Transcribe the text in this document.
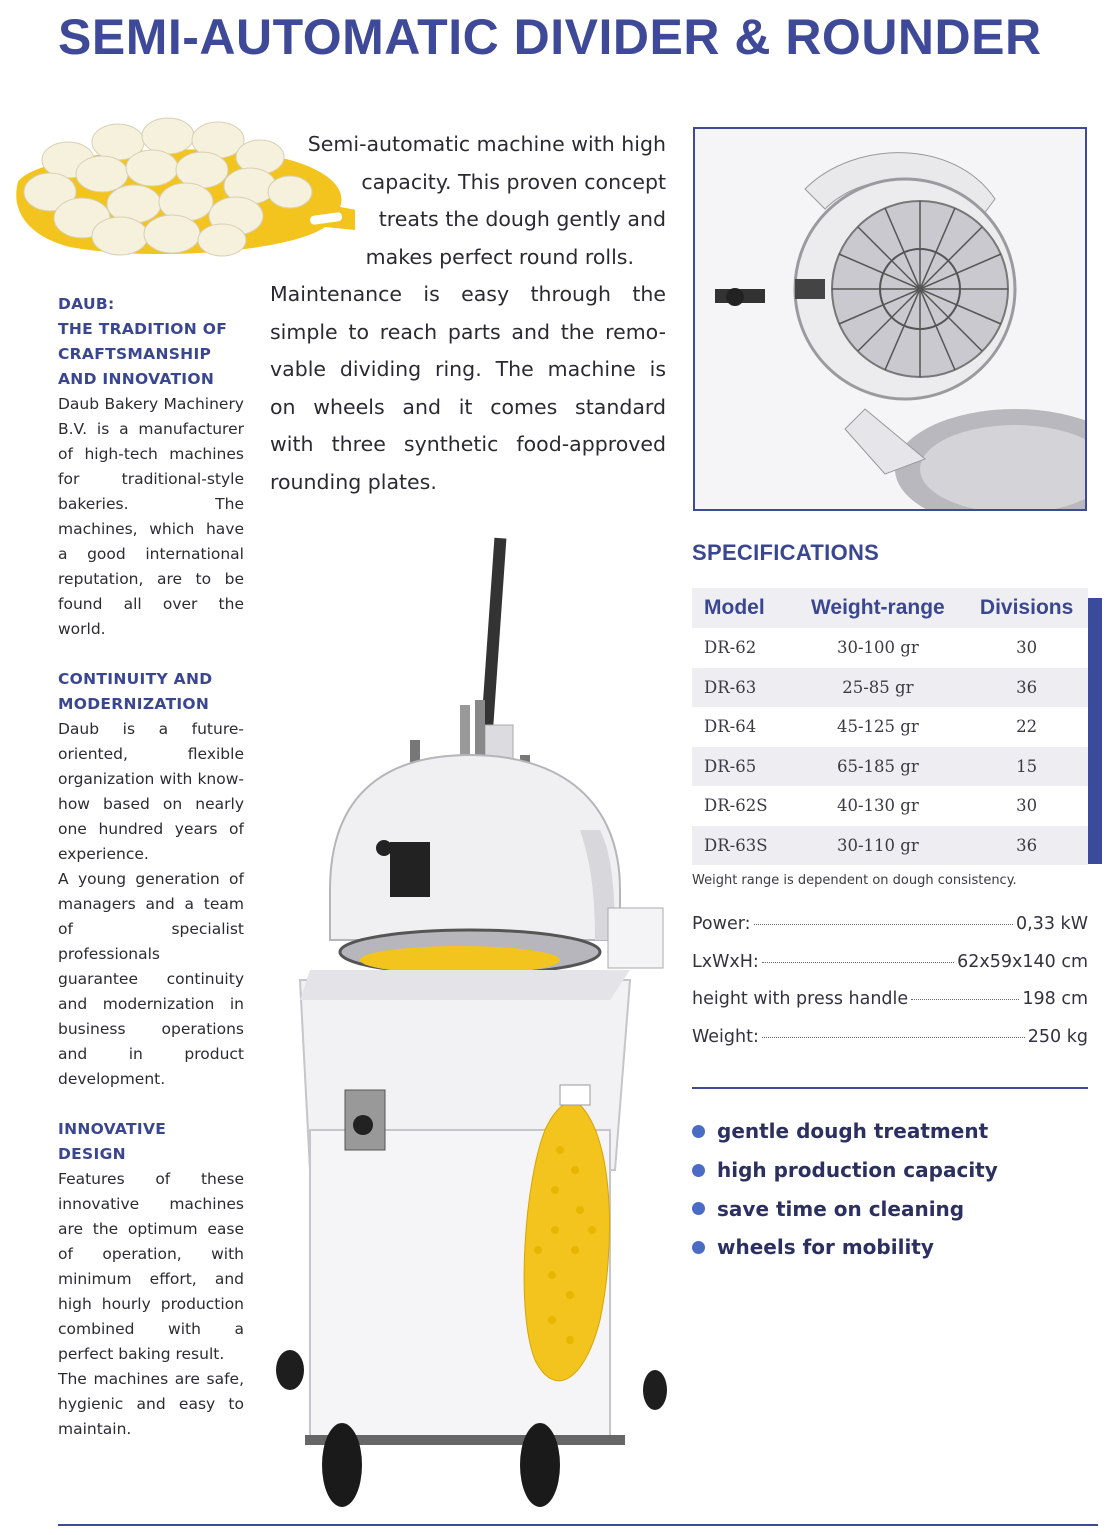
SEMI-AUTOMATIC DIVIDER & ROUNDER
DAUB:
THE TRADITION OF
CRAFTSMANSHIP
AND INNOVATION

Daub Bakery Machinery B.V. is a manufacturer of high-tech machines for traditional-style bakeries. The machines, which have a good international reputation, are to be found all over the world.

CONTINUITY AND
MODERNIZATION

Daub is a future-oriented, flexible organization with know-how based on nearly one hundred years of experience.

A young generation of managers and a team of specialist professionals guarantee continuity and modernization in business operations and in product development.

INNOVATIVE
DESIGN

Features of these innovative machines are the optimum ease of operation, with minimum effort, and high hourly production combined with a perfect baking result.

The machines are safe, hygienic and easy to maintain.

Semi-automatic machine with high
capacity. This proven concept
treats the dough gently and
makes perfect round rolls.
Maintenance is easy through the
simple to reach parts and the remo-
vable dividing ring. The machine is
on wheels and it comes standard
with three synthetic food-approved
rounding plates.
SPECIFICATIONS
Model	Weight-range	Divisions
DR-62	30-100 gr	30
DR-63	25-85 gr	36
DR-64	45-125 gr	22
DR-65	65-185 gr	15
DR-62S	40-130 gr	30
DR-63S	30-110 gr	36
Weight range is dependent on dough consistency.
Power:	0,33 kW
LxWxH:	62x59x140 cm
height with press handle	198 cm
Weight:	250 kg
gentle dough treatment
high production capacity
save time on cleaning
wheels for mobility
